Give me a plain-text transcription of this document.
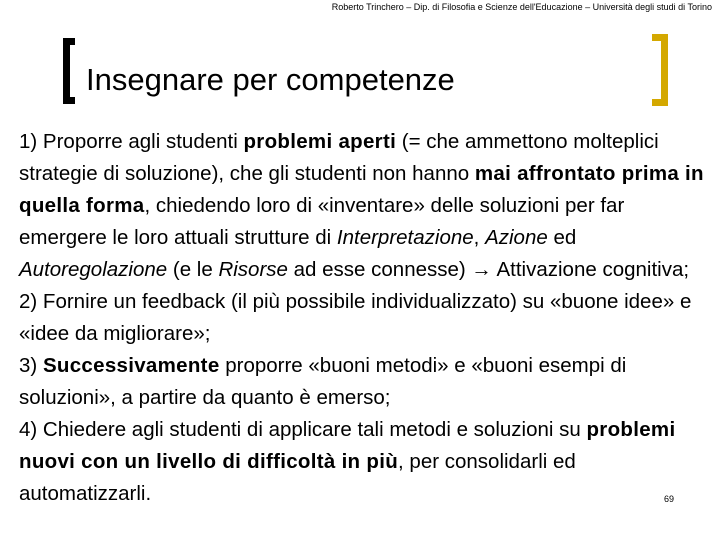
Roberto Trinchero – Dip. di Filosofia e Scienze dell'Educazione – Università degli studi di Torino
Insegnare per competenze

1) Proporre agli studenti problemi aperti (= che ammettono molteplici strategie di soluzione), che gli studenti non hanno mai affrontato prima in quella forma, chiedendo loro di «inventare» delle soluzioni per far emergere le loro attuali strutture di Interpretazione, Azione ed Autoregolazione (e le Risorse ad esse connesse) → Attivazione cognitiva;

2) Fornire un feedback (il più possibile individualizzato) su «buone idee» e «idee da migliorare»;

3) Successivamente proporre «buoni metodi» e «buoni esempi di soluzioni», a partire da quanto è emerso;

4) Chiedere agli studenti di applicare tali metodi e soluzioni su problemi nuovi con un livello di difficoltà in più, per consolidarli ed automatizzarli.	69
